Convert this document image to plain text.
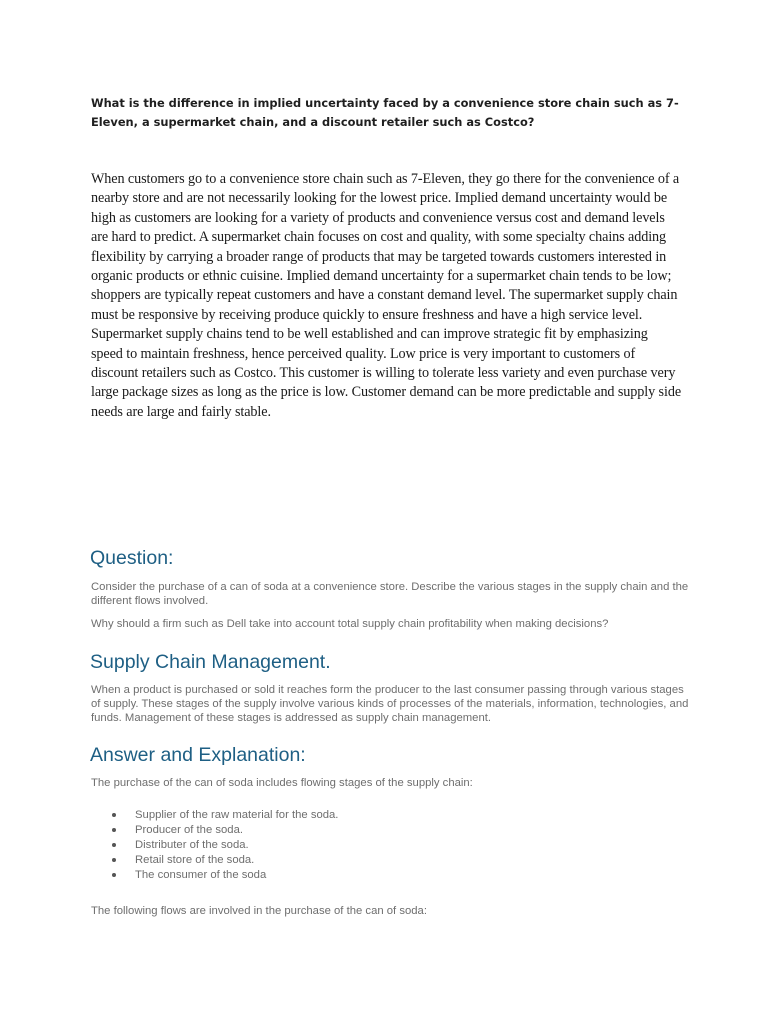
What is the difference in implied uncertainty faced by a convenience store chain such as 7-Eleven, a supermarket chain, and a discount retailer such as Costco?

When customers go to a convenience store chain such as 7-Eleven, they go there for the convenience of a nearby store and are not necessarily looking for the lowest price. Implied demand uncertainty would be high as customers are looking for a variety of products and convenience versus cost and demand levels are hard to predict. A supermarket chain focuses on cost and quality, with some specialty chains adding flexibility by carrying a broader range of products that may be targeted towards customers interested in organic products or ethnic cuisine. Implied demand uncertainty for a supermarket chain tends to be low; shoppers are typically repeat customers and have a constant demand level. The supermarket supply chain must be responsive by receiving produce quickly to ensure freshness and have a high service level. Supermarket supply chains tend to be well established and can improve strategic fit by emphasizing speed to maintain freshness, hence perceived quality. Low price is very important to customers of discount retailers such as Costco. This customer is willing to tolerate less variety and even purchase very large package sizes as long as the price is low. Customer demand can be more predictable and supply side needs are large and fairly stable.

Question:

Consider the purchase of a can of soda at a convenience store. Describe the various stages in the supply chain and the different flows involved.

Why should a firm such as Dell take into account total supply chain profitability when making decisions?

Supply Chain Management.

When a product is purchased or sold it reaches form the producer to the last consumer passing through various stages of supply. These stages of the supply involve various kinds of processes of the materials, information, technologies, and funds. Management of these stages is addressed as supply chain management.

Answer and Explanation:

The purchase of the can of soda includes flowing stages of the supply chain:

Supplier of the raw material for the soda.
Producer of the soda.
Distributer of the soda.
Retail store of the soda.
The consumer of the soda

The following flows are involved in the purchase of the can of soda:
